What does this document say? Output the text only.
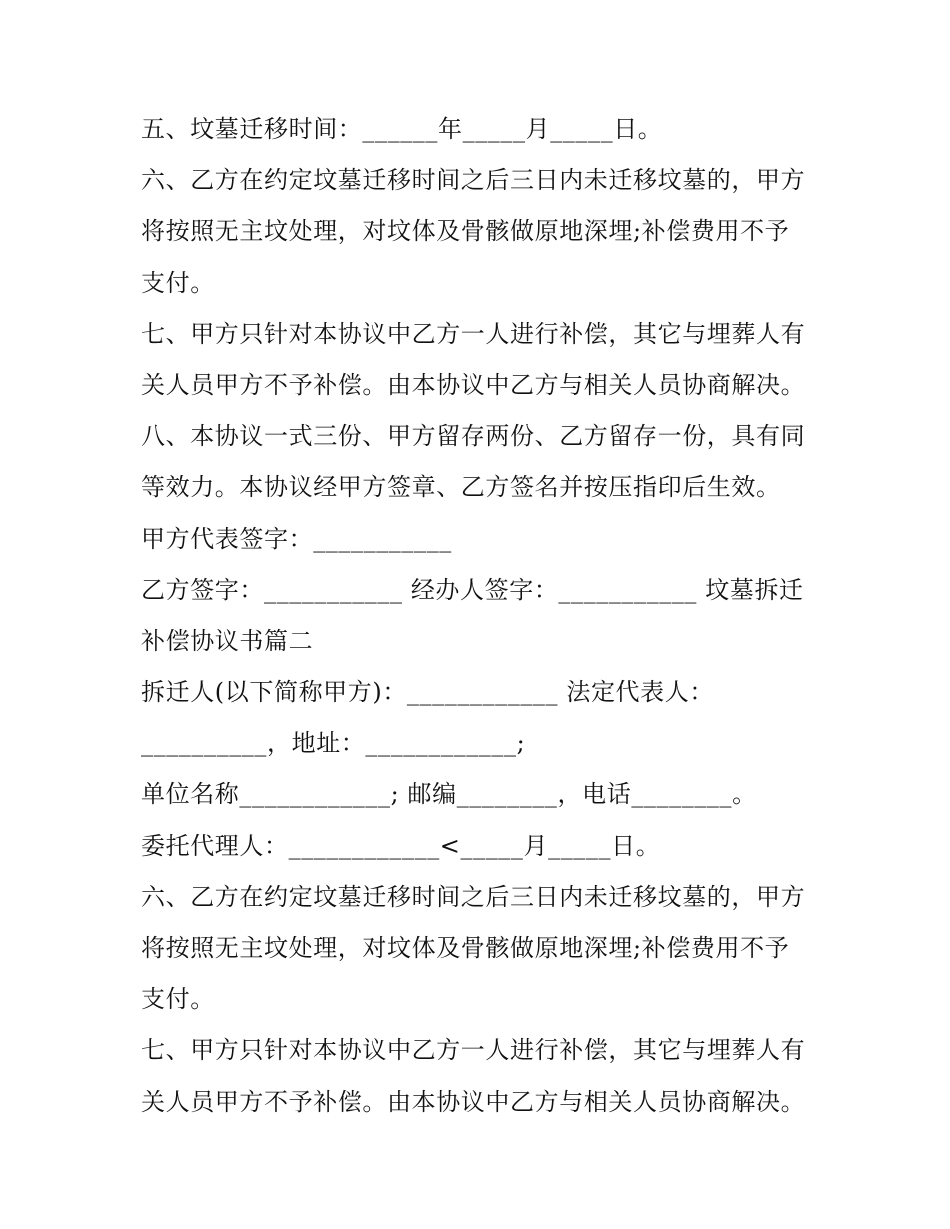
五、坟墓迁移时间：______年_____月_____日。
六、乙方在约定坟墓迁移时间之后三日内未迁移坟墓的，甲方
将按照无主坟处理，对坟体及骨骸做原地深埋;补偿费用不予
支付。
七、甲方只针对本协议中乙方一人进行补偿，其它与埋葬人有
关人员甲方不予补偿。由本协议中乙方与相关人员协商解决。
八、本协议一式三份、甲方留存两份、乙方留存一份，具有同
等效力。本协议经甲方签章、乙方签名并按压指印后生效。
甲方代表签字：___________
乙方签字：___________ 经办人签字：___________ 坟墓拆迁
补偿协议书篇二
拆迁人(以下简称甲方)：____________ 法定代表人：
__________，地址：____________;
单位名称____________; 邮编________，电话________。
委托代理人：____________<_____月_____日。
六、乙方在约定坟墓迁移时间之后三日内未迁移坟墓的，甲方
将按照无主坟处理，对坟体及骨骸做原地深埋;补偿费用不予
支付。
七、甲方只针对本协议中乙方一人进行补偿，其它与埋葬人有
关人员甲方不予补偿。由本协议中乙方与相关人员协商解决。
